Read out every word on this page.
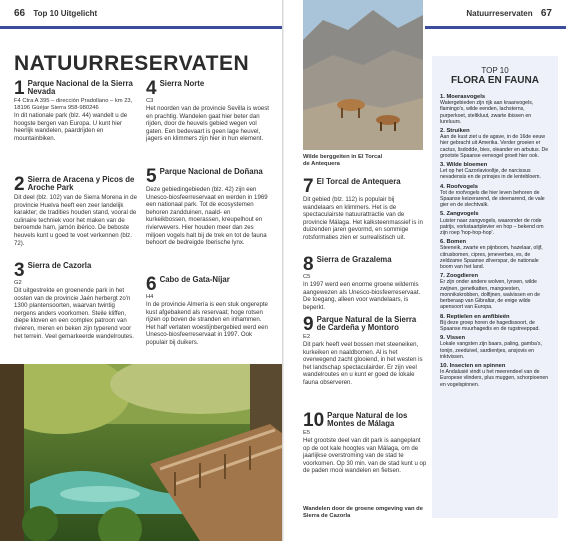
66 Top 10 Uitgelicht
NATUURRESERVATEN
1 Parque Nacional de la Sierra Nevada
F4 Ctra A 395 – dirección Pradollano – km 23, 18196 Güéjar Sierra 958-980246

In dit nationale park (blz. 44) wandelt u de hoogste bergen van Europa. U kunt hier heerlijk wandelen, paardrijden en mountainbiken.

2 Sierra de Aracena y Picos de Aroche Park

Dit deel (blz. 102) van de Sierra Morena in de provincie Huelva heeft een zeer landelijk karakter; de tradities houden stand, vooral de culinaire techniek voor het maken van de beroemde ham, jamón ibérico. De beboste heuvels kunt u goed te voet verkennen (blz. 72).

3 Sierra de Cazorla
G2

Dit uitgestrekte en groenende park in het oosten van de provincie Jaén herbergt zo'n 1300 plantensoorten, waarvan twintig nergens anders voorkomen. Steile kliffen, diepe kloven en een complex patroon van rivieren, meren en beken zijn typerend voor het terrein. Veel gemarkeerde wandelroutes.

4 Sierra Norte
C3

Het noorden van de provincie Sevilla is woest en prachtig. Wandelen gaat hier beter dan rijden, door de heuvels gebied wegen vol gaten. Een bedevaart is geen lage heuvel, jagers en klimmers zijn hier in hun element.

5 Parque Nacional de Doñana

Deze gebiedingebieden (blz. 42) zijn een Unesco-biosfeerreservaat en werden in 1969 een nationaal park. Tot de ecosystemen behoren zandduinen, naald- en kurkeikbossen, moerassen, kreupelhout en rivierwevers. Hier houden meer dan zes miljoen vogels halt bij de trek en tot de fauna behoort de bedreigde Iberische lynx.

6 Cabo de Gata-Níjar
H4

In de provincie Almería is een stuk ongerepte kust afgebakend als reservaat; hoge rotsen rijzen op boven de stranden en inhammen. Het half verlaten woestijnbergebied werd een Unesco-biosfeerreservaat in 1997. Ook populair bij duikers.

Natuurreservaten 67
Wilde berggeiten in El Torcal de Antequera
7 El Torcal de Antequera

Dit gebied (blz. 112) is populair bij wandelaars en klimmers. Het is de spectaculairste natuurattractie van de provincie Málaga. Het kalksteenmassief is in duizenden jaren gevormd, en sommige rotsformaties zien er surrealistisch uit.

8 Sierra de Grazalema
C5

In 1997 werd een enorme groene wildernis aangewezen als Unesco-biosfeerreservaat. De toegang, alleen voor wandelaars, is beperkt.

9 Parque Natural de la Sierra de Cardeña y Montoro
E2

Dit park heeft veel bossen met steeneiken, kurkeiken en naaldbomen. Al is het overwegend zacht glooiend, in het westen is het landschap spectaculairder. Er zijn veel wandelroutes en u kunt er goed de lokale fauna observeren.

10 Parque Natural de los Montes de Málaga
E5

Het grootste deel van dit park is aangeplant op de oot kale hoogtes van Málaga, om de jaarlijkse overstroming van de stad te voorkomen. Op 30 min. van de stad kunt u op de paden mooi wandelen en fietsen.

Wandelen door de groene omgeving van de Sierra de Cazorla
TOP 10
FLORA EN FAUNA
1. Moerasvogels
Watergebieden zijn rijk aan kraanvogels, flamingo's, wilde eenden, lachsterns, purperkoet, steltkluut, zwarte ibissen en lureluurs.
2. Struiken
Aan de kust ziet u de agave, in de 16de eeuw hier gebracht uit Amerika. Verder groeien er cactus, lisdodde, bies, oleander en arbutus. De grootste Spaanse eenvogel groeit hier ook.
3. Wilde bloemen
Let op het Cazorlaviooltje, de narcissus nevadensis en de prinsjes in de lentebloem.
4. Roofvogels
Tot de roofvogels die hier leven behoren de Spaanse keizerarend, de steenarend, de vale gier en de slechtvalk.
5. Zangvogels
Luister naar zangvogels, waaronder de rode patrijs, vorkstaartplevier en hop – bekend om zijn roep 'hop-hop-hop'.
6. Bomen
Steeneik, zwarte en pijnboom, hazelaar, olijf, citrusbomen, cipres, jeneverbes, es, de zeldzame Spaanse zilverspar, de nationale boom van het land.
7. Zoogdieren
Er zijn onder andere wolven, lynxen, wilde zwijnen, genetkatten, mangoesten, monnikskrobben, dolfijnen, walvissen en de berberaap van Gibraltar, de enige wilde apensoort van Europa.
8. Reptielen en amfibieën
Bij deze groep horen de hagedissoort, de Spaanse muurhagedis en de rugstreeppad.
9. Vissen
Lokale vangsten zijn baars, paling, gamba's, tonijn, zeeduivel, sardientjes, ansjovis en inktvissen.
10. Insecten en spinnen
In Andalusië vindt u het meerendeel van de Europese vlinders, plus muggen, schorpioenen en vogelspinnen.
